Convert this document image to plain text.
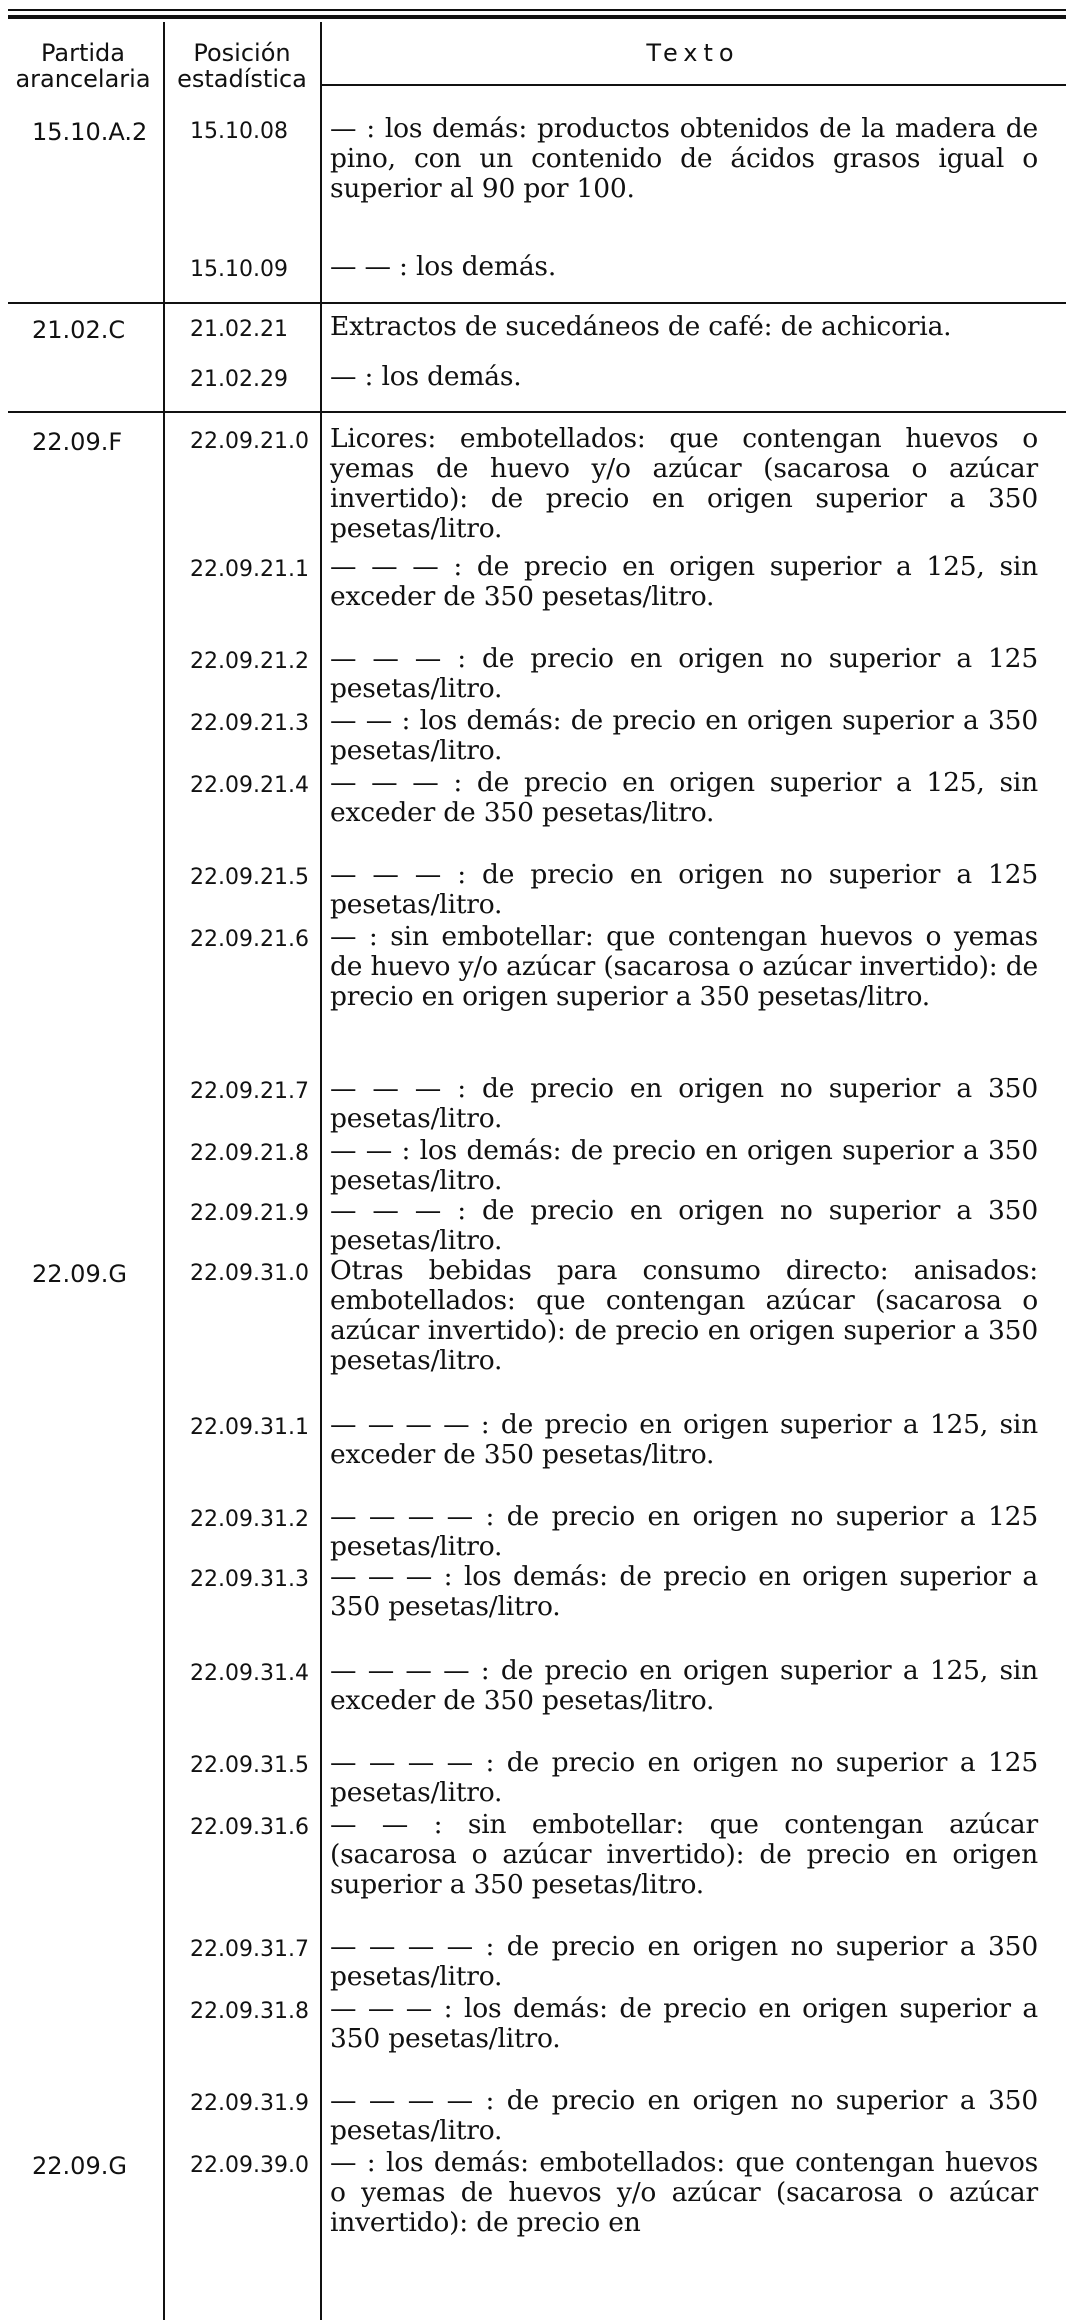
Partida
arancelaria
Posición
estadística
Texto
15.10.A.2 15.10.08 — : los demás: productos obtenidos de la madera de pino, con un contenido de ácidos grasos igual o superior al 90 por 100.
15.10.09 — — : los demás.
21.02.C	21.02.21 Extractos de sucedáneos de café: de achicoria.
21.02.29 — : los demás.
22.09.F	22.09.21.0 Licores: embotellados: que contengan huevos o yemas de huevo y/o azúcar (sacarosa o azúcar invertido): de precio en origen superior a 350 pesetas/litro.
22.09.21.1 — — — : de precio en origen superior a 125, sin exceder de 350 pesetas/litro.
22.09.21.2 — — — : de precio en origen no superior a 125 pesetas/litro.
22.09.21.3 — — : los demás: de precio en origen superior a 350 pesetas/litro.
22.09.21.4 — — — : de precio en origen superior a 125, sin exceder de 350 pesetas/litro.
22.09.21.5 — — — : de precio en origen no superior a 125 pesetas/litro.
22.09.21.6 — : sin embotellar: que contengan huevos o yemas de huevo y/o azúcar (sacarosa o azúcar invertido): de precio en origen superior a 350 pesetas/litro.
22.09.21.7 — — — : de precio en origen no superior a 350 pesetas/litro.
22.09.21.8 — — : los demás: de precio en origen superior a 350 pesetas/litro.
22.09.21.9 — — — : de precio en origen no superior a 350 pesetas/litro.
22.09.G	22.09.31.0 Otras bebidas para consumo directo: anisados: embotellados: que contengan azúcar (sacarosa o azúcar invertido): de precio en origen superior a 350 pesetas/litro.
22.09.31.1 — — — — : de precio en origen superior a 125, sin exceder de 350 pesetas/litro.
22.09.31.2 — — — — : de precio en origen no superior a 125 pesetas/litro.
22.09.31.3 — — — : los demás: de precio en origen superior a 350 pesetas/litro.
22.09.31.4 — — — — : de precio en origen superior a 125, sin exceder de 350 pesetas/litro.
22.09.31.5 — — — — : de precio en origen no superior a 125 pesetas/litro.
22.09.31.6 — — : sin embotellar: que contengan azúcar (sacarosa o azúcar invertido): de precio en origen superior a 350 pesetas/litro.
22.09.31.7 — — — — : de precio en origen no superior a 350 pesetas/litro.
22.09.31.8 — — — : los demás: de precio en origen superior a 350 pesetas/litro.
22.09.31.9 — — — — : de precio en origen no superior a 350 pesetas/litro.
22.09.G	22.09.39.0 — : los demás: embotellados: que contengan huevos o yemas de huevos y/o azúcar (sacarosa o azúcar invertido): de precio en
